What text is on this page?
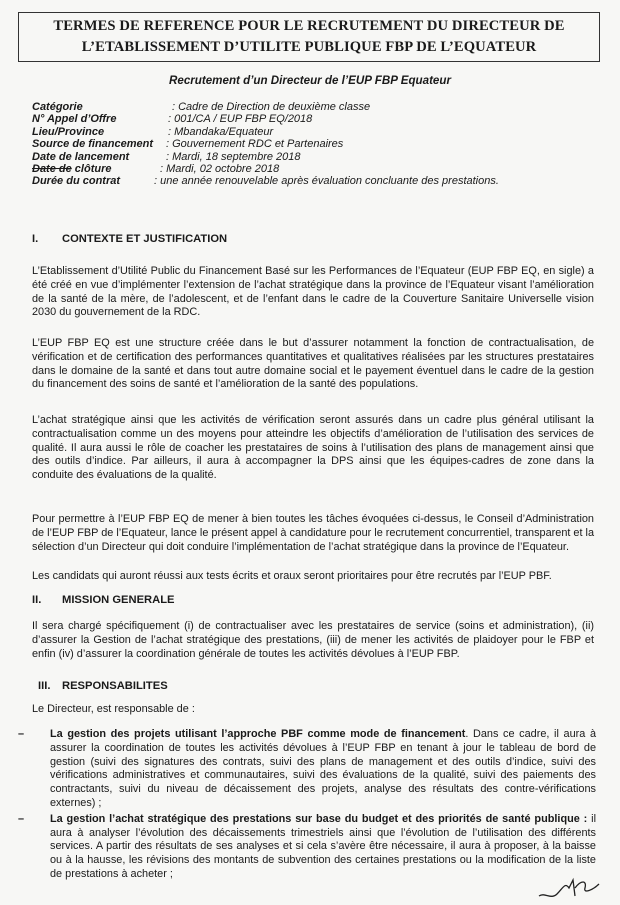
TERMES DE REFERENCE POUR LE RECRUTEMENT DU DIRECTEUR DE
L’ETABLISSEMENT D’UTILITE PUBLIQUE FBP DE L’EQUATEUR
Recrutement d’un Directeur de l’EUP FBP Equateur
Catégorie	: Cadre de Direction de deuxième classe
N° Appel d’Offre	: 001/CA / EUP FBP EQ/2018
Lieu/Province	: Mbandaka/Equateur
Source de financement : Gouvernement RDC et Partenaires
Date de lancement	: Mardi, 18 septembre 2018
Date de clôture	: Mardi, 02 octobre 2018
Durée du contrat	: une année renouvelable après évaluation concluante des prestations.
I. CONTEXTE ET JUSTIFICATION
L’Etablissement d’Utilité Public du Financement Basé sur les Performances de l’Equateur (EUP FBP EQ, en sigle) a été créé en vue d’implémenter l’extension de l’achat stratégique dans la province de l’Equateur visant l’amélioration de la santé de la mère, de l’adolescent, et de l’enfant dans le cadre de la Couverture Sanitaire Universelle vision 2030 du gouvernement de la RDC.
L’EUP FBP EQ est une structure créée dans le but d’assurer notamment la fonction de contractualisation, de vérification et de certification des performances quantitatives et qualitatives réalisées par les structures prestataires dans le domaine de la santé et dans tout autre domaine social et le payement éventuel dans le cadre de la gestion du financement des soins de santé et l’amélioration de la santé des populations.
L’achat stratégique ainsi que les activités de vérification seront assurés dans un cadre plus général utilisant la contractualisation comme un des moyens pour atteindre les objectifs d’amélioration de l’utilisation des services de qualité. Il aura aussi le rôle de coacher les prestataires de soins à l’utilisation des plans de management ainsi que des outils d’indice. Par ailleurs, il aura à accompagner la DPS ainsi que les équipes-cadres de zone dans la conduite des évaluations de la qualité.
Pour permettre à l’EUP FBP EQ de mener à bien toutes les tâches évoquées ci-dessus, le Conseil d’Administration de l’EUP FBP de l’Equateur, lance le présent appel à candidature pour le recrutement concurrentiel, transparent et la sélection d’un Directeur qui doit conduire l’implémentation de l’achat stratégique dans la province de l’Equateur.
Les candidats qui auront réussi aux tests écrits et oraux seront prioritaires pour être recrutés par l’EUP PBF.
II. MISSION GENERALE
Il sera chargé spécifiquement (i) de contractualiser avec les prestataires de service (soins et administration), (ii) d’assurer la Gestion de l’achat stratégique des prestations, (iii) de mener les activités de plaidoyer pour le FBP et enfin (iv) d’assurer la coordination générale de toutes les activités dévolues à l’EUP FBP.
III. RESPONSABILITES
Le Directeur, est responsable de :
– La gestion des projets utilisant l’approche PBF comme mode de financement. Dans ce cadre, il aura à assurer la coordination de toutes les activités dévolues à l’EUP FBP en tenant à jour le tableau de bord de gestion (suivi des signatures des contrats, suivi des plans de management et des outils d’indice, suivi des vérifications administratives et communautaires, suivi des évaluations de la qualité, suivi des paiements des contractants, suivi du niveau de décaissement des projets, analyse des résultats des contre-vérifications externes) ;
– La gestion l’achat stratégique des prestations sur base du budget et des priorités de santé publique : il aura à analyser l’évolution des décaissements trimestriels ainsi que l’évolution de l’utilisation des différents services. A partir des résultats de ses analyses et si cela s’avère être nécessaire, il aura à proposer, à la baisse ou à la hausse, les révisions des montants de subvention des certaines prestations ou la modification de la liste de prestations à acheter ;
